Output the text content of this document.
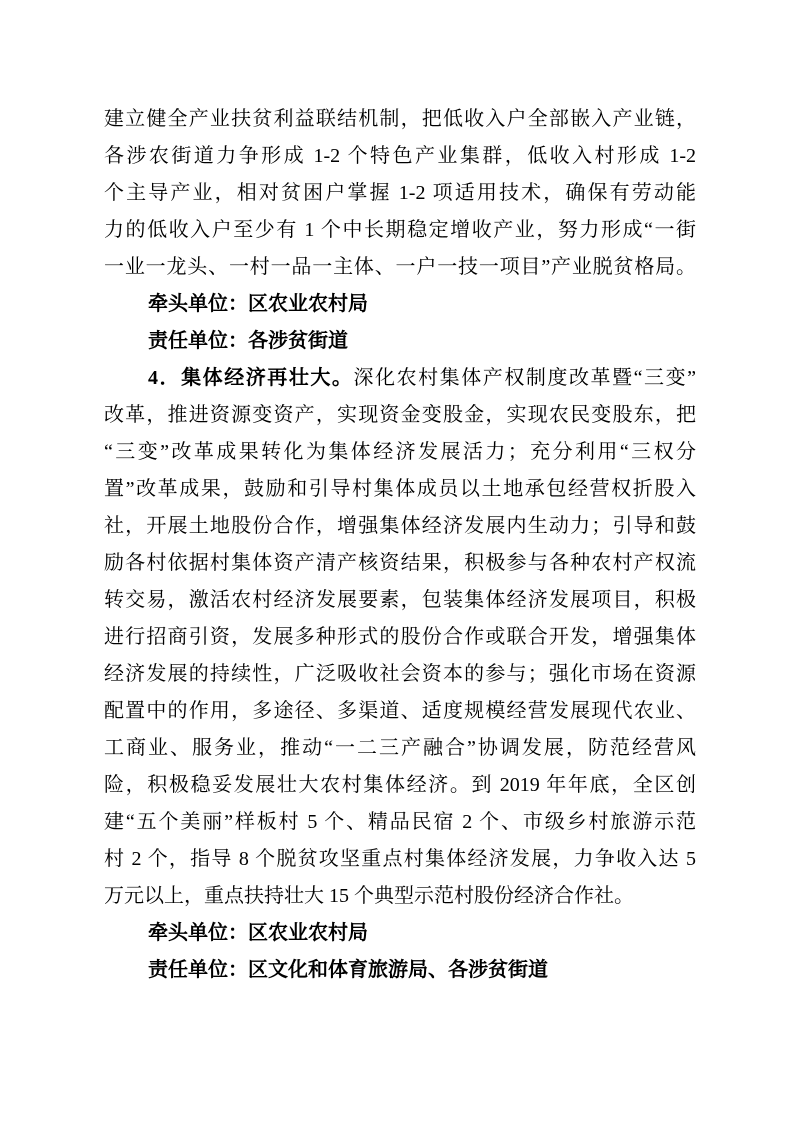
建立健全产业扶贫利益联结机制，把低收入户全部嵌入产业链，
各涉农街道力争形成 1-2 个特色产业集群，低收入村形成 1-2
个主导产业，相对贫困户掌握 1-2 项适用技术，确保有劳动能
力的低收入户至少有 1 个中长期稳定增收产业，努力形成“一街
一业一龙头、一村一品一主体、一户一技一项目”产业脱贫格局。
牵头单位：区农业农村局
责任单位：各涉贫街道
4．集体经济再壮大。深化农村集体产权制度改革暨“三变”
改革，推进资源变资产，实现资金变股金，实现农民变股东，把
“三变”改革成果转化为集体经济发展活力；充分利用“三权分
置”改革成果，鼓励和引导村集体成员以土地承包经营权折股入
社，开展土地股份合作，增强集体经济发展内生动力；引导和鼓
励各村依据村集体资产清产核资结果，积极参与各种农村产权流
转交易，激活农村经济发展要素，包装集体经济发展项目，积极
进行招商引资，发展多种形式的股份合作或联合开发，增强集体
经济发展的持续性，广泛吸收社会资本的参与；强化市场在资源
配置中的作用，多途径、多渠道、适度规模经营发展现代农业、
工商业、服务业，推动“一二三产融合”协调发展，防范经营风
险，积极稳妥发展壮大农村集体经济。到 2019 年年底，全区创
建“五个美丽”样板村 5 个、精品民宿 2 个、市级乡村旅游示范
村 2 个，指导 8 个脱贫攻坚重点村集体经济发展，力争收入达 5
万元以上，重点扶持壮大 15 个典型示范村股份经济合作社。
牵头单位：区农业农村局
责任单位：区文化和体育旅游局、各涉贫街道
